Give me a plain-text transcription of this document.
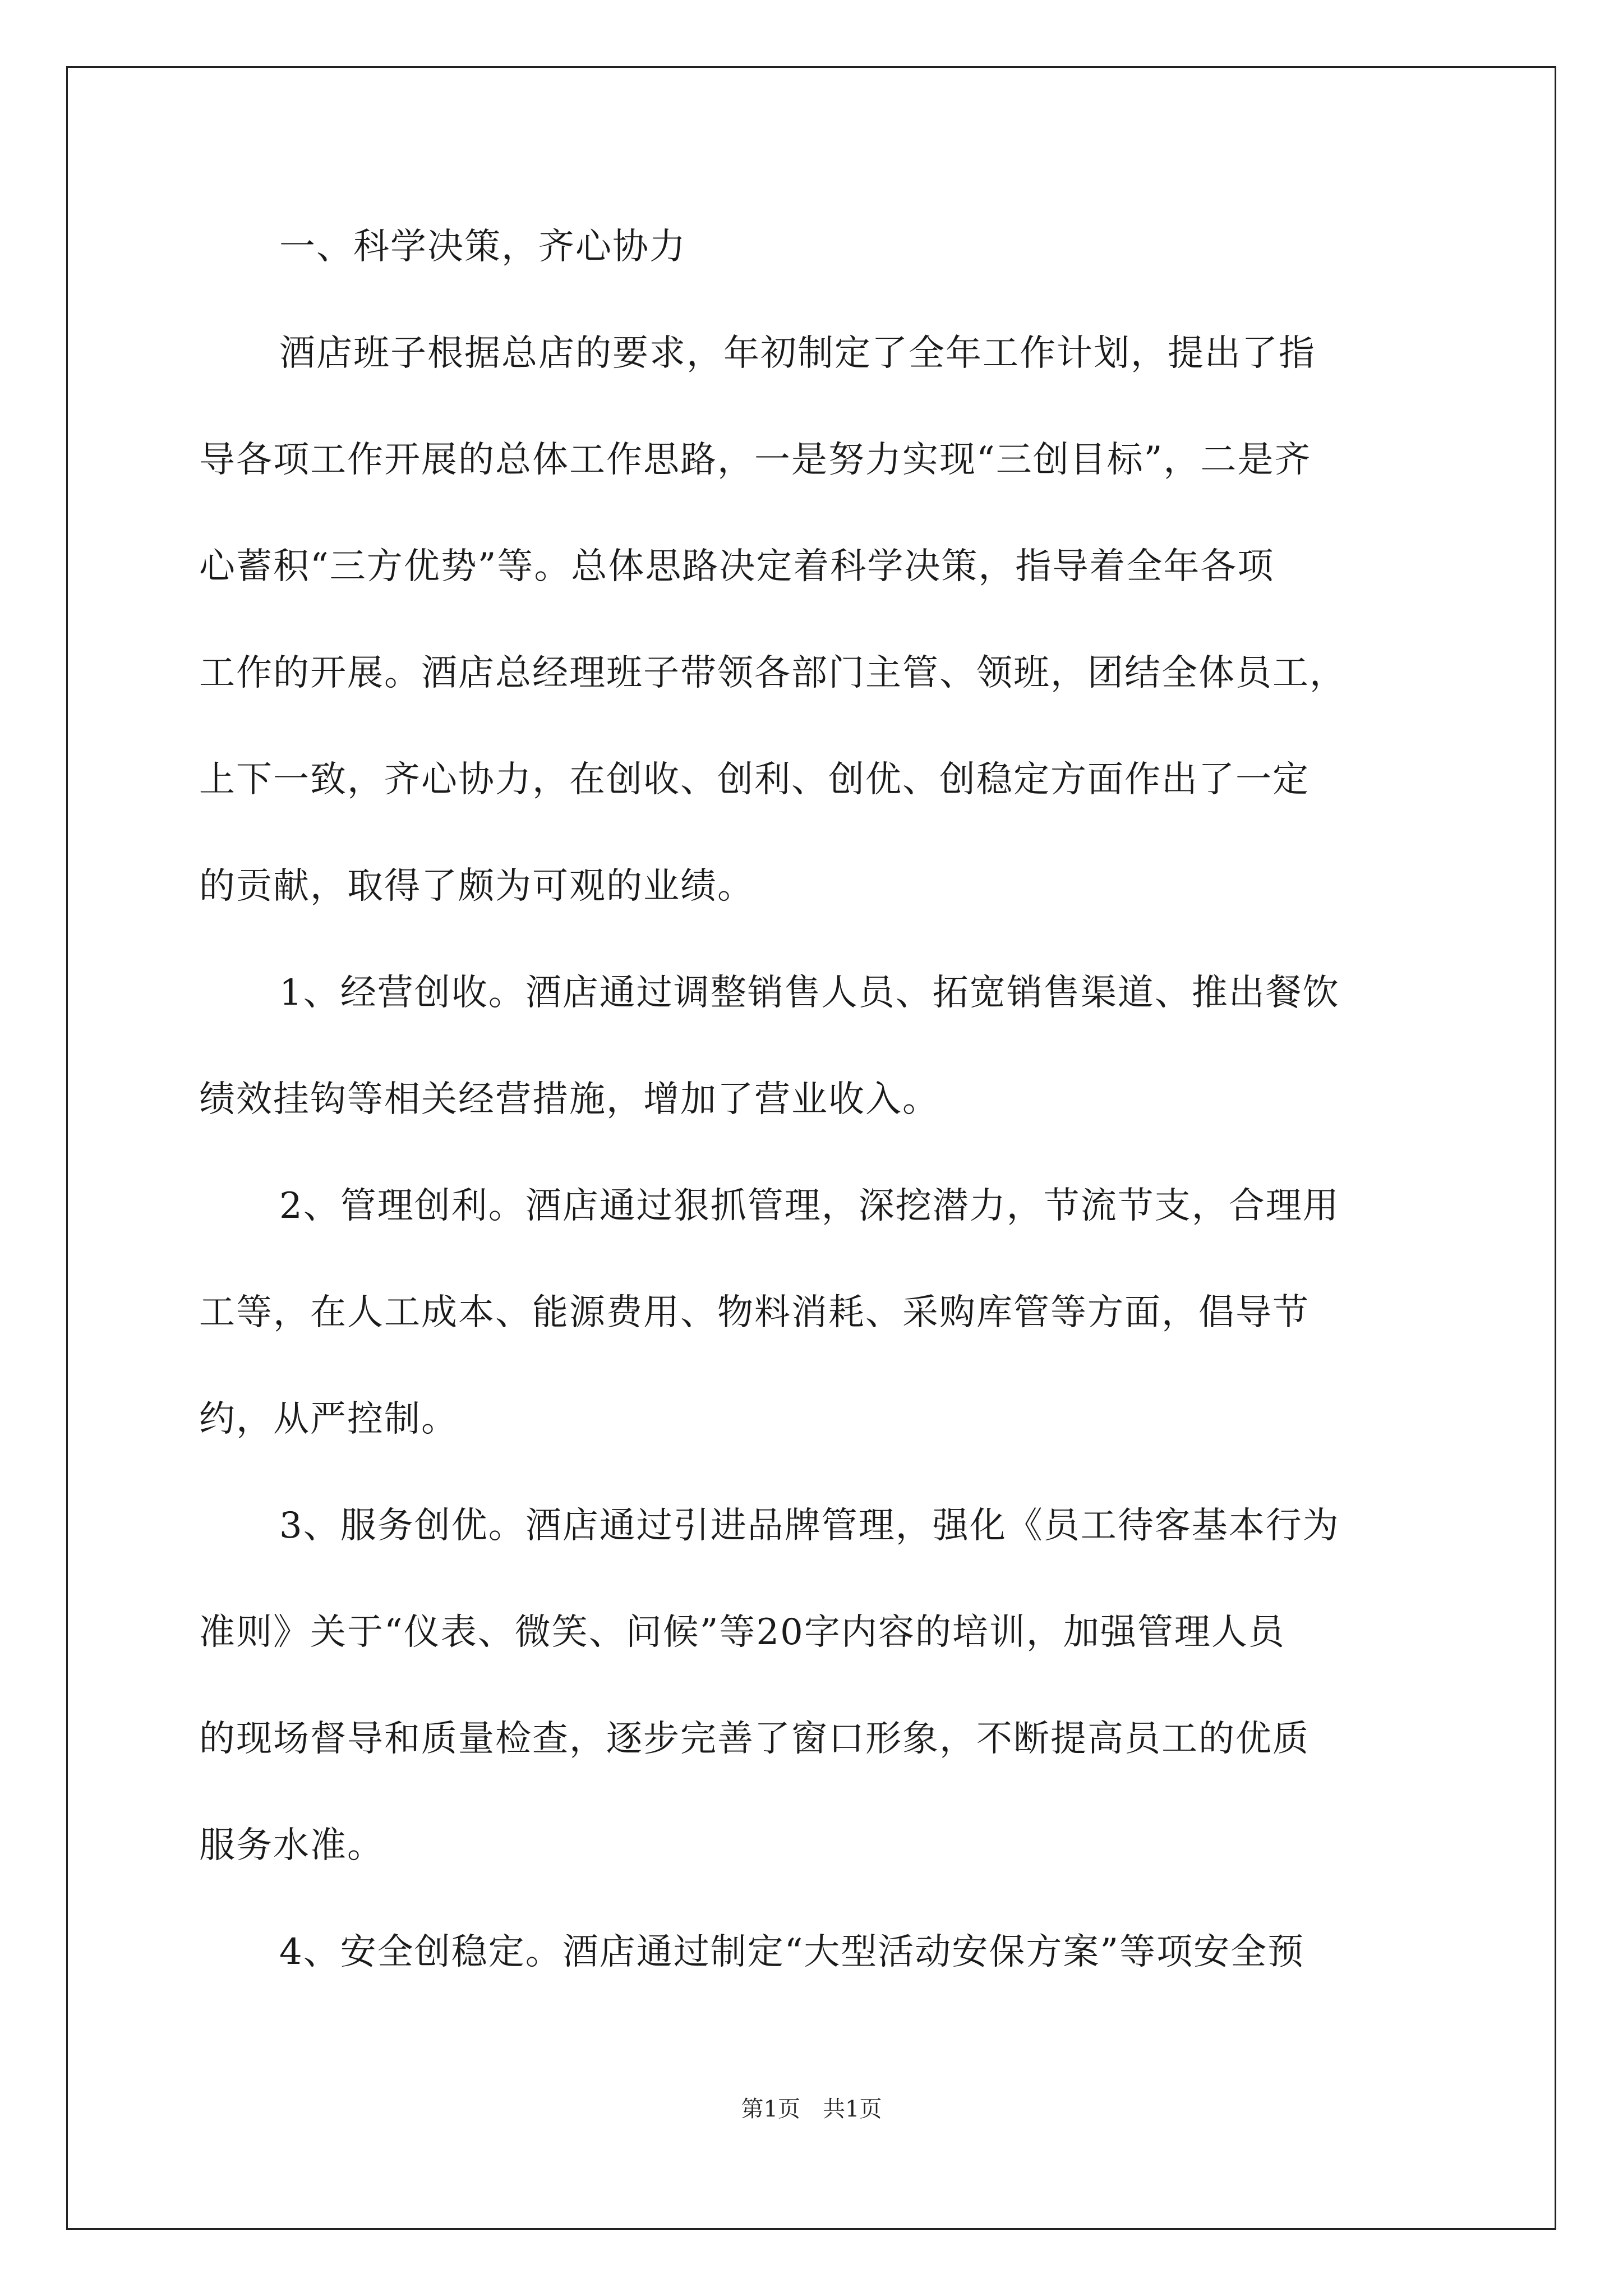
一、科学决策，齐心协力
酒店班子根据总店的要求，年初制定了全年工作计划，提出了指
导各项工作开展的总体工作思路，一是努力实现“三创目标”，二是齐
心蓄积“三方优势”等。总体思路决定着科学决策，指导着全年各项
工作的开展。酒店总经理班子带领各部门主管、领班，团结全体员工，
上下一致，齐心协力，在创收、创利、创优、创稳定方面作出了一定
的贡献，取得了颇为可观的业绩。
1、经营创收。酒店通过调整销售人员、拓宽销售渠道、推出餐饮
绩效挂钩等相关经营措施，增加了营业收入。
2、管理创利。酒店通过狠抓管理，深挖潜力，节流节支，合理用
工等，在人工成本、能源费用、物料消耗、采购库管等方面，倡导节
约，从严控制。
3、服务创优。酒店通过引进品牌管理，强化《员工待客基本行为
准则》关于“仪表、微笑、问候”等20字内容的培训，加强管理人员
的现场督导和质量检查，逐步完善了窗口形象，不断提高员工的优质
服务水准。
4、安全创稳定。酒店通过制定“大型活动安保方案”等项安全预
第1页　共1页
